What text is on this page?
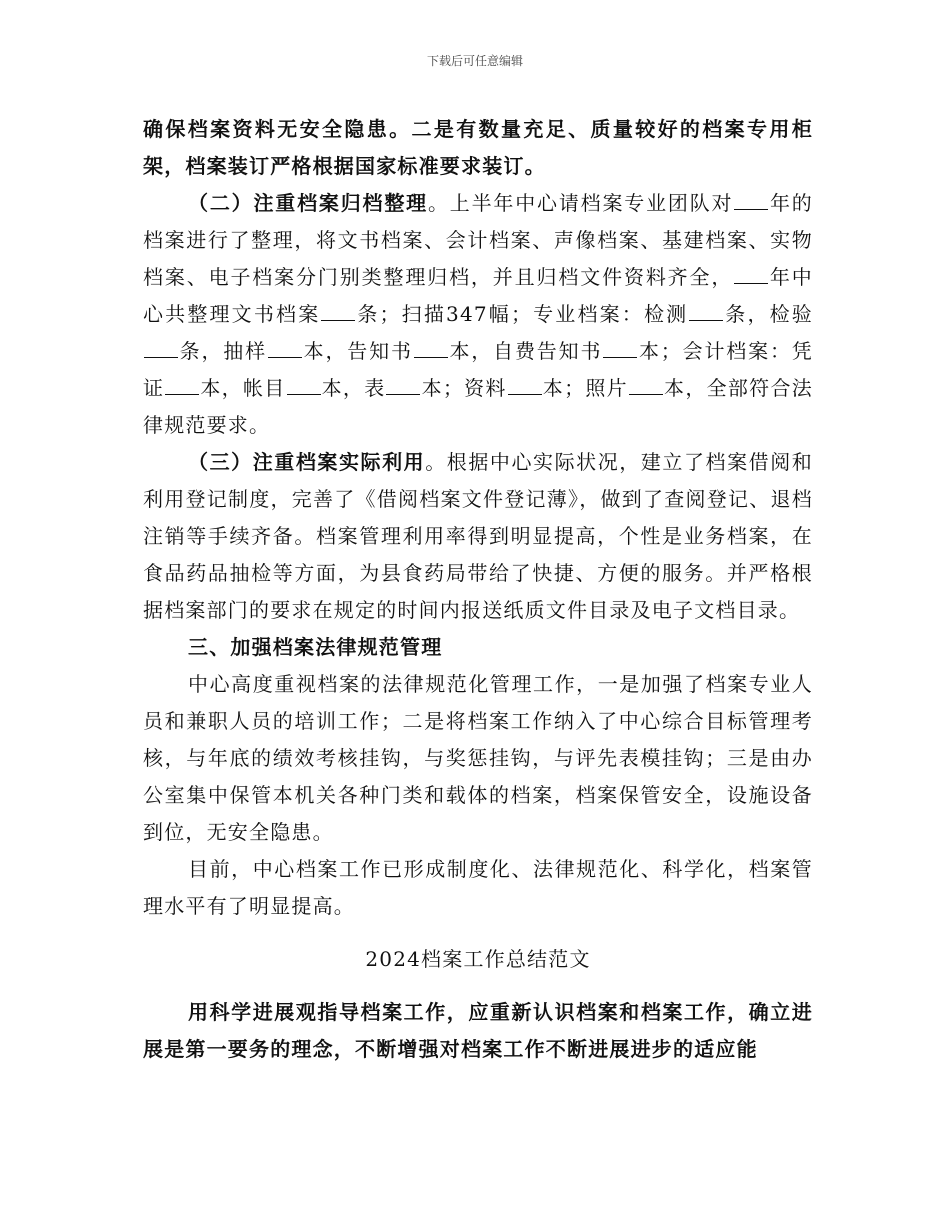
下载后可任意编辑

确保档案资料无安全隐患。二是有数量充足、质量较好的档案专用柜架，档案装订严格根据国家标准要求装订。

（二）注重档案归档整理。上半年中心请档案专业团队对 年的档案进行了整理，将文书档案、会计档案、声像档案、基建档案、实物档案、电子档案分门别类整理归档，并且归档文件资料齐全， 年中心共整理文书档案 条；扫描347幅；专业档案：检测 条，检验条，抽样 本，告知书 本，自费告知书 本；会计档案：凭证 本，帐目 本，表 本；资料 本；照片 本，全部符合法律规范要求。

（三）注重档案实际利用。根据中心实际状况，建立了档案借阅和利用登记制度，完善了《借阅档案文件登记薄》，做到了查阅登记、退档注销等手续齐备。档案管理利用率得到明显提高，个性是业务档案，在食品药品抽检等方面，为县食药局带给了快捷、方便的服务。并严格根据档案部门的要求在规定的时间内报送纸质文件目录及电子文档目录。

三、加强档案法律规范管理

中心高度重视档案的法律规范化管理工作，一是加强了档案专业人员和兼职人员的培训工作；二是将档案工作纳入了中心综合目标管理考核，与年底的绩效考核挂钩，与奖惩挂钩，与评先表模挂钩；三是由办公室集中保管本机关各种门类和载体的档案，档案保管安全，设施设备到位，无安全隐患。

目前，中心档案工作已形成制度化、法律规范化、科学化，档案管理水平有了明显提高。

2024档案工作总结范文

用科学进展观指导档案工作，应重新认识档案和档案工作，确立进展是第一要务的理念，不断增强对档案工作不断进展进步的适应能
